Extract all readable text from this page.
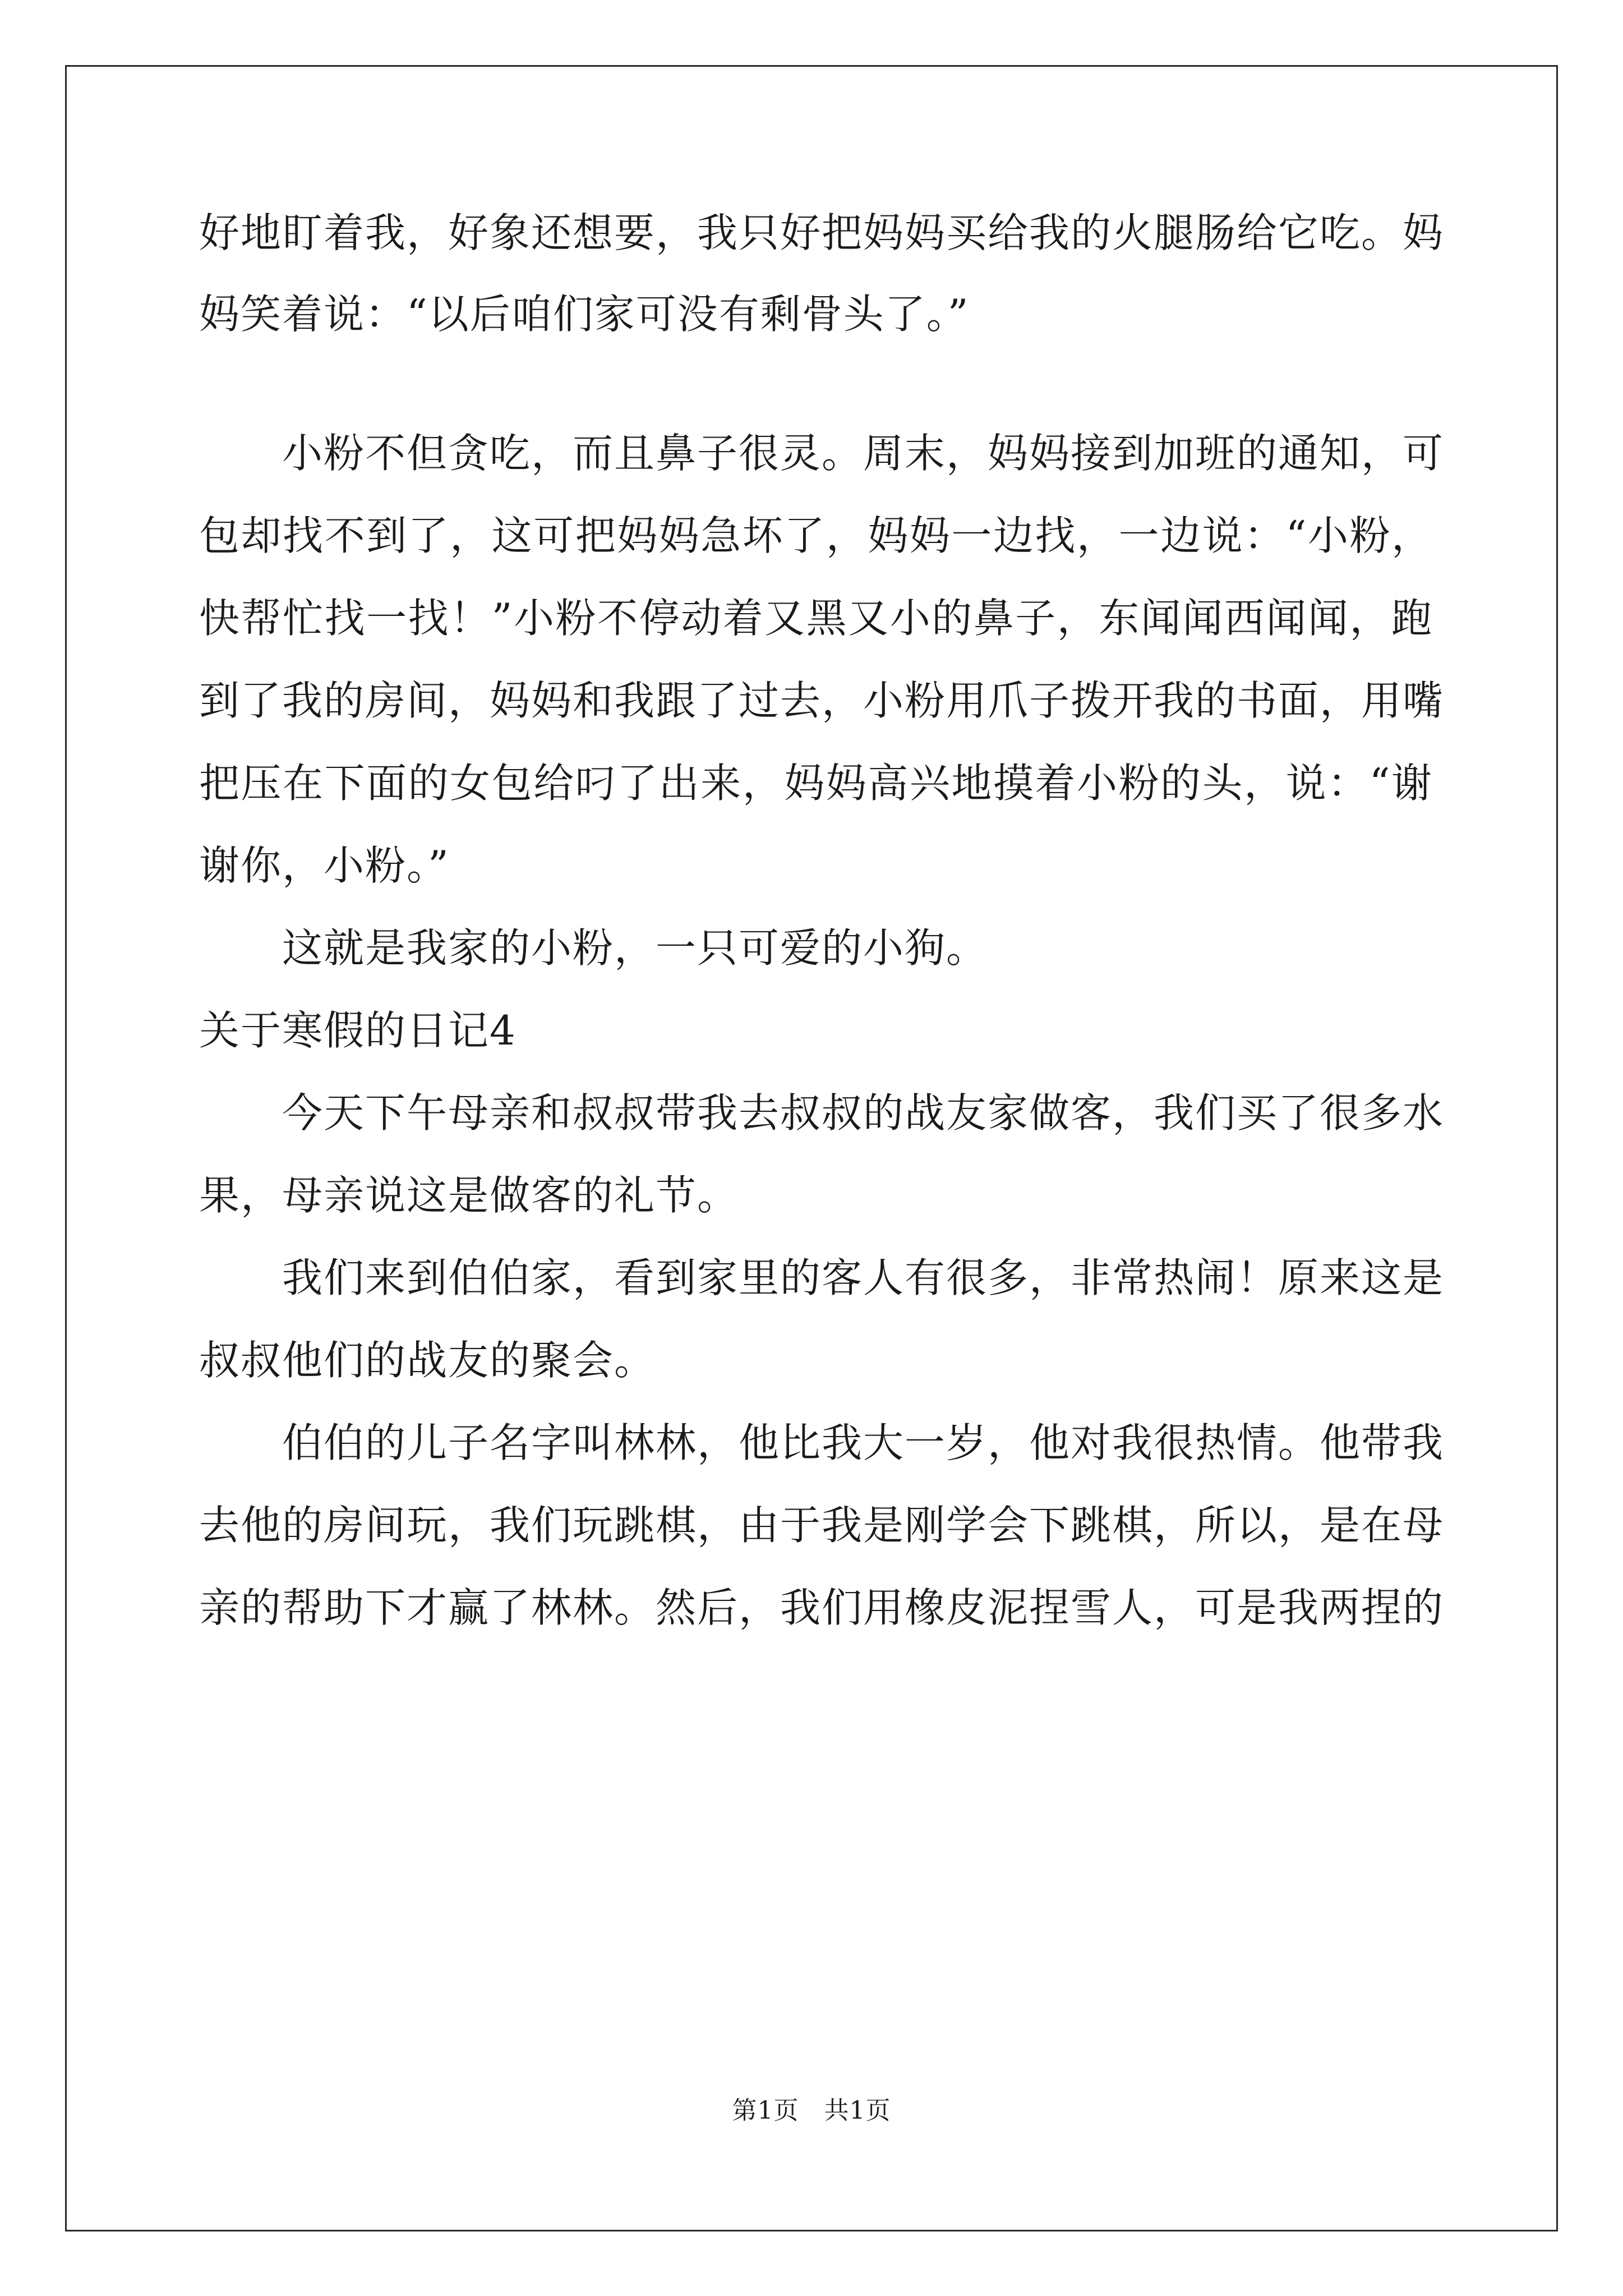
好地盯着我，好象还想要，我只好把妈妈买给我的火腿肠给它吃。妈
妈笑着说：“以后咱们家可没有剩骨头了。”
小粉不但贪吃，而且鼻子很灵。周末，妈妈接到加班的通知，可
包却找不到了，这可把妈妈急坏了，妈妈一边找，一边说：“小粉，
快帮忙找一找！”小粉不停动着又黑又小的鼻子，东闻闻西闻闻，跑
到了我的房间，妈妈和我跟了过去，小粉用爪子拨开我的书面，用嘴
把压在下面的女包给叼了出来，妈妈高兴地摸着小粉的头，说：“谢
谢你，小粉。”
这就是我家的小粉，一只可爱的小狗。
关于寒假的日记4
今天下午母亲和叔叔带我去叔叔的战友家做客，我们买了很多水
果，母亲说这是做客的礼节。
我们来到伯伯家，看到家里的客人有很多，非常热闹！原来这是
叔叔他们的战友的聚会。
伯伯的儿子名字叫林林，他比我大一岁，他对我很热情。他带我
去他的房间玩，我们玩跳棋，由于我是刚学会下跳棋，所以，是在母
亲的帮助下才赢了林林。然后，我们用橡皮泥捏雪人，可是我两捏的
第1页　共1页
